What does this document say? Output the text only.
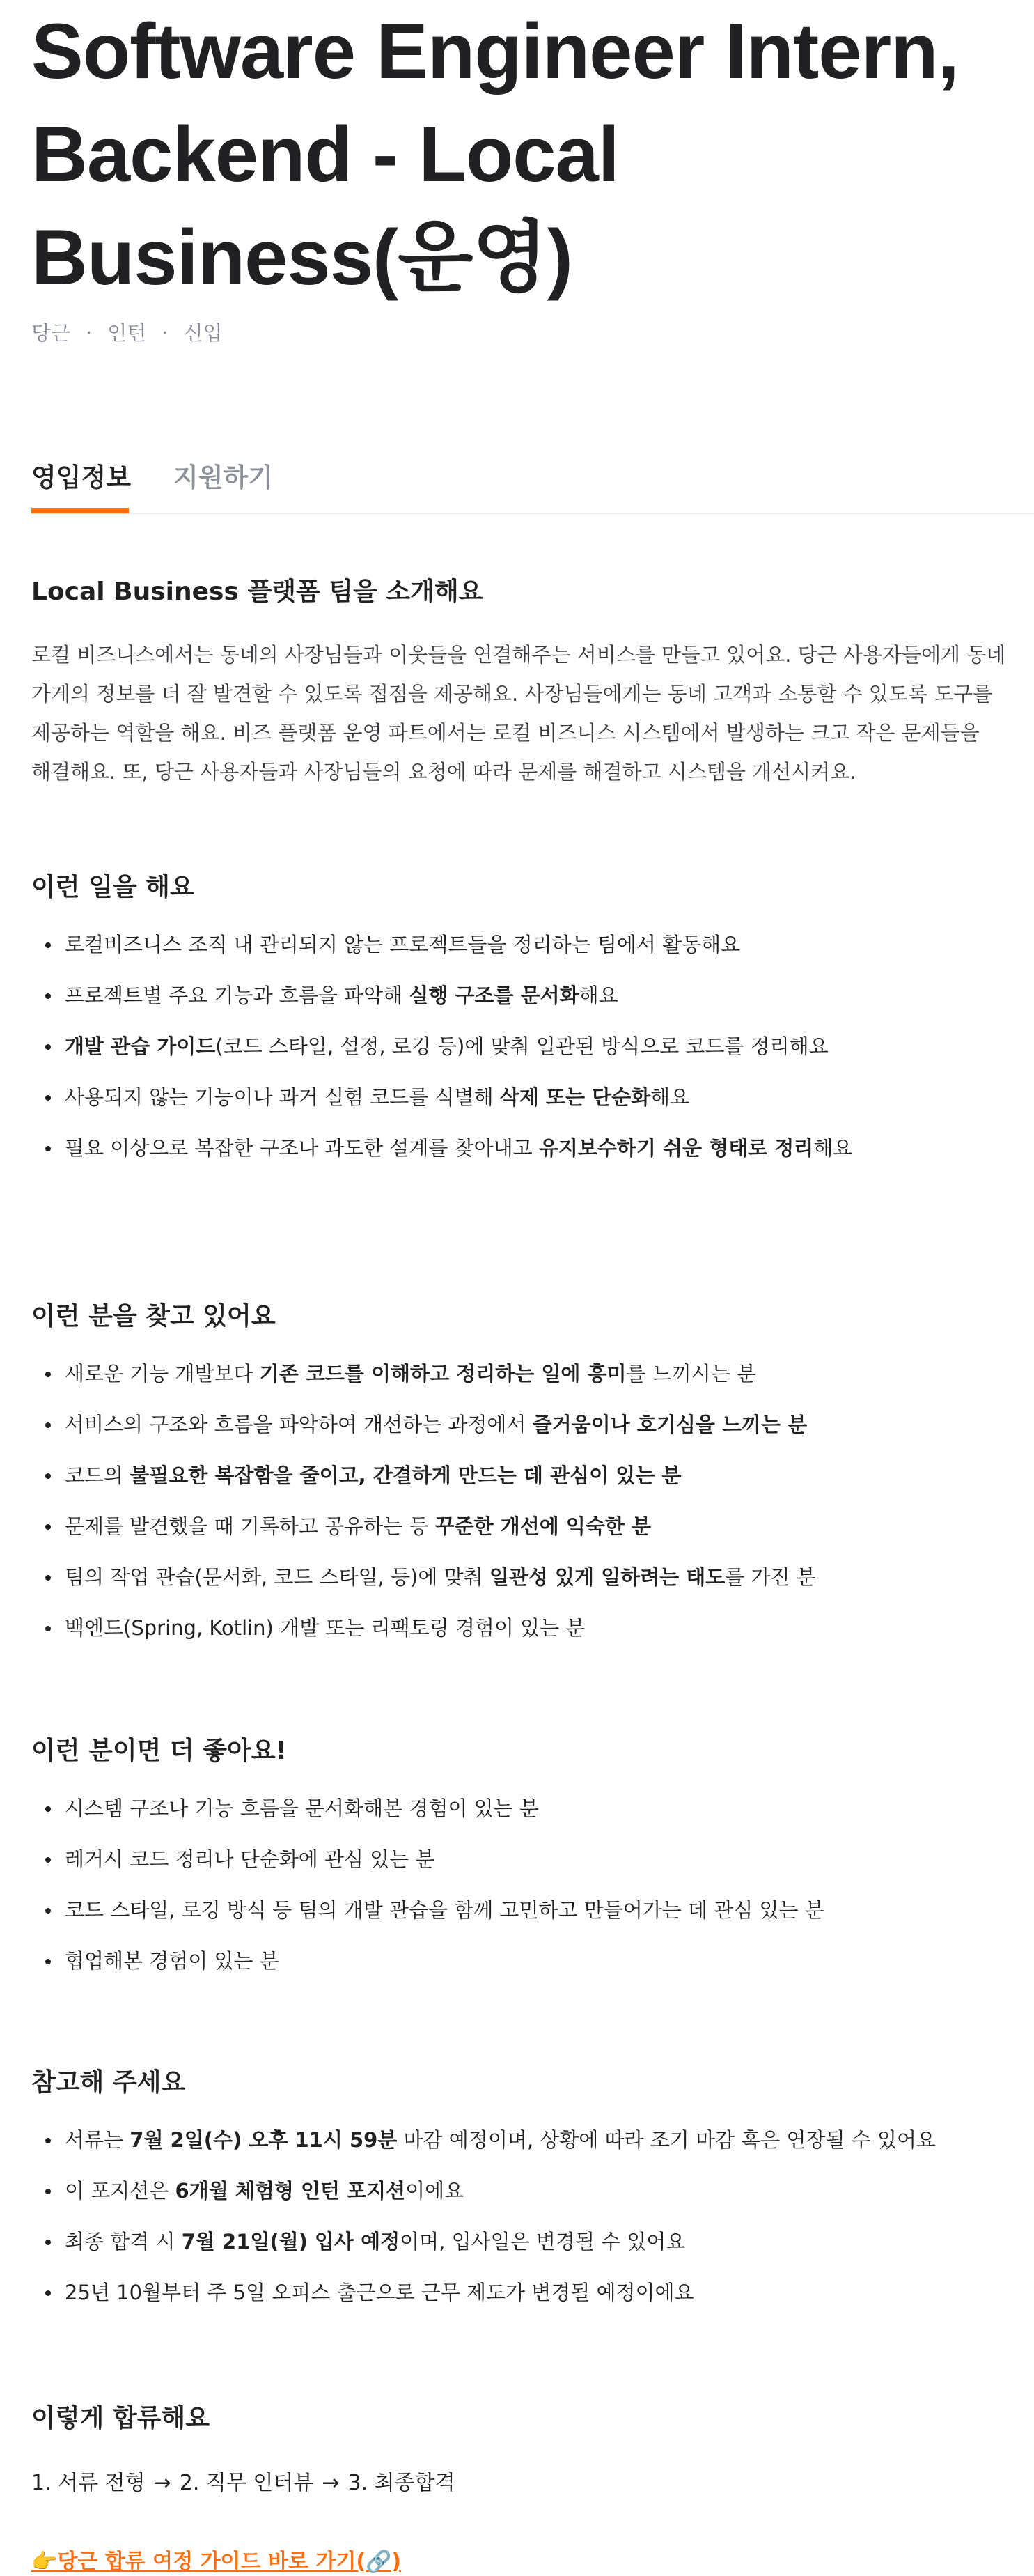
Software Engineer Intern,
Backend - Local
Business(운영)
당근 · 인턴 · 신입
영입정보 지원하기
Local Business 플랫폼 팀을 소개해요

로컬 비즈니스에서는 동네의 사장님들과 이웃들을 연결해주는 서비스를 만들고 있어요. 당근 사용자들에게 동네
가게의 정보를 더 잘 발견할 수 있도록 접점을 제공해요. 사장님들에게는 동네 고객과 소통할 수 있도록 도구를
제공하는 역할을 해요. 비즈 플랫폼 운영 파트에서는 로컬 비즈니스 시스템에서 발생하는 크고 작은 문제들을
해결해요. 또, 당근 사용자들과 사장님들의 요청에 따라 문제를 해결하고 시스템을 개선시켜요.

이런 일을 해요
로컬비즈니스 조직 내 관리되지 않는 프로젝트들을 정리하는 팀에서 활동해요
프로젝트별 주요 기능과 흐름을 파악해 실행 구조를 문서화해요
개발 관습 가이드(코드 스타일, 설정, 로깅 등)에 맞춰 일관된 방식으로 코드를 정리해요
사용되지 않는 기능이나 과거 실험 코드를 식별해 삭제 또는 단순화해요
필요 이상으로 복잡한 구조나 과도한 설계를 찾아내고 유지보수하기 쉬운 형태로 정리해요
이런 분을 찾고 있어요
새로운 기능 개발보다 기존 코드를 이해하고 정리하는 일에 흥미를 느끼시는 분
서비스의 구조와 흐름을 파악하여 개선하는 과정에서 즐거움이나 호기심을 느끼는 분
코드의 불필요한 복잡함을 줄이고, 간결하게 만드는 데 관심이 있는 분
문제를 발견했을 때 기록하고 공유하는 등 꾸준한 개선에 익숙한 분
팀의 작업 관습(문서화, 코드 스타일, 등)에 맞춰 일관성 있게 일하려는 태도를 가진 분
백엔드(Spring, Kotlin) 개발 또는 리팩토링 경험이 있는 분
이런 분이면 더 좋아요!
시스템 구조나 기능 흐름을 문서화해본 경험이 있는 분
레거시 코드 정리나 단순화에 관심 있는 분
코드 스타일, 로깅 방식 등 팀의 개발 관습을 함께 고민하고 만들어가는 데 관심 있는 분
협업해본 경험이 있는 분
참고해 주세요
서류는 7월 2일(수) 오후 11시 59분 마감 예정이며, 상황에 따라 조기 마감 혹은 연장될 수 있어요
이 포지션은 6개월 체험형 인턴 포지션이에요
최종 합격 시 7월 21일(월) 입사 예정이며, 입사일은 변경될 수 있어요
25년 10월부터 주 5일 오피스 출근으로 근무 제도가 변경될 예정이에요
이렇게 합류해요

1. 서류 전형 → 2. 직무 인터뷰 → 3. 최종합격

👉당근 합류 여정 가이드 바로 가기(🔗)
